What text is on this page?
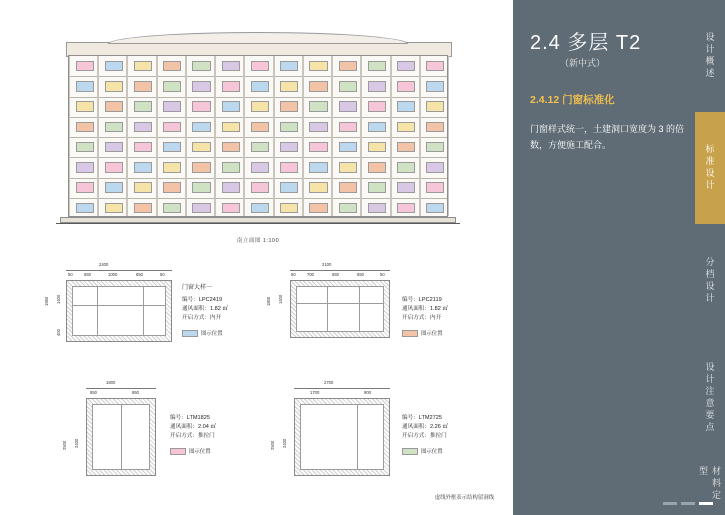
南立面图 1:100
2400
50	650	1000	650	50
1960 1400
400
门窗大样一
编号：LPC2419
通风面积：1.82 ㎡
开启方式：内开
图示位置
2100
50	700	650	650	50
1800 1400	编号：LPC2119
通风面积：1.82 ㎡
开启方式：内开
图示位置
1800
850	850
2500 2400
编号：LTM1825
通风面积：2.04 ㎡
开启方式：推拉门
图示位置
2700
1700	900
2500 2400
编号：LTM2725
通风面积：2.26 ㎡
开启方式：推拉门
图示位置
虚线外框表示结构留洞线
2.4 多层 T2
（新中式）
2.4.12 门窗标准化
门窗样式统一，土建洞口宽度为 3 的倍数，方便施工配合。
设计概述
标准设计
分档设计
设计注意要点
材料定型
